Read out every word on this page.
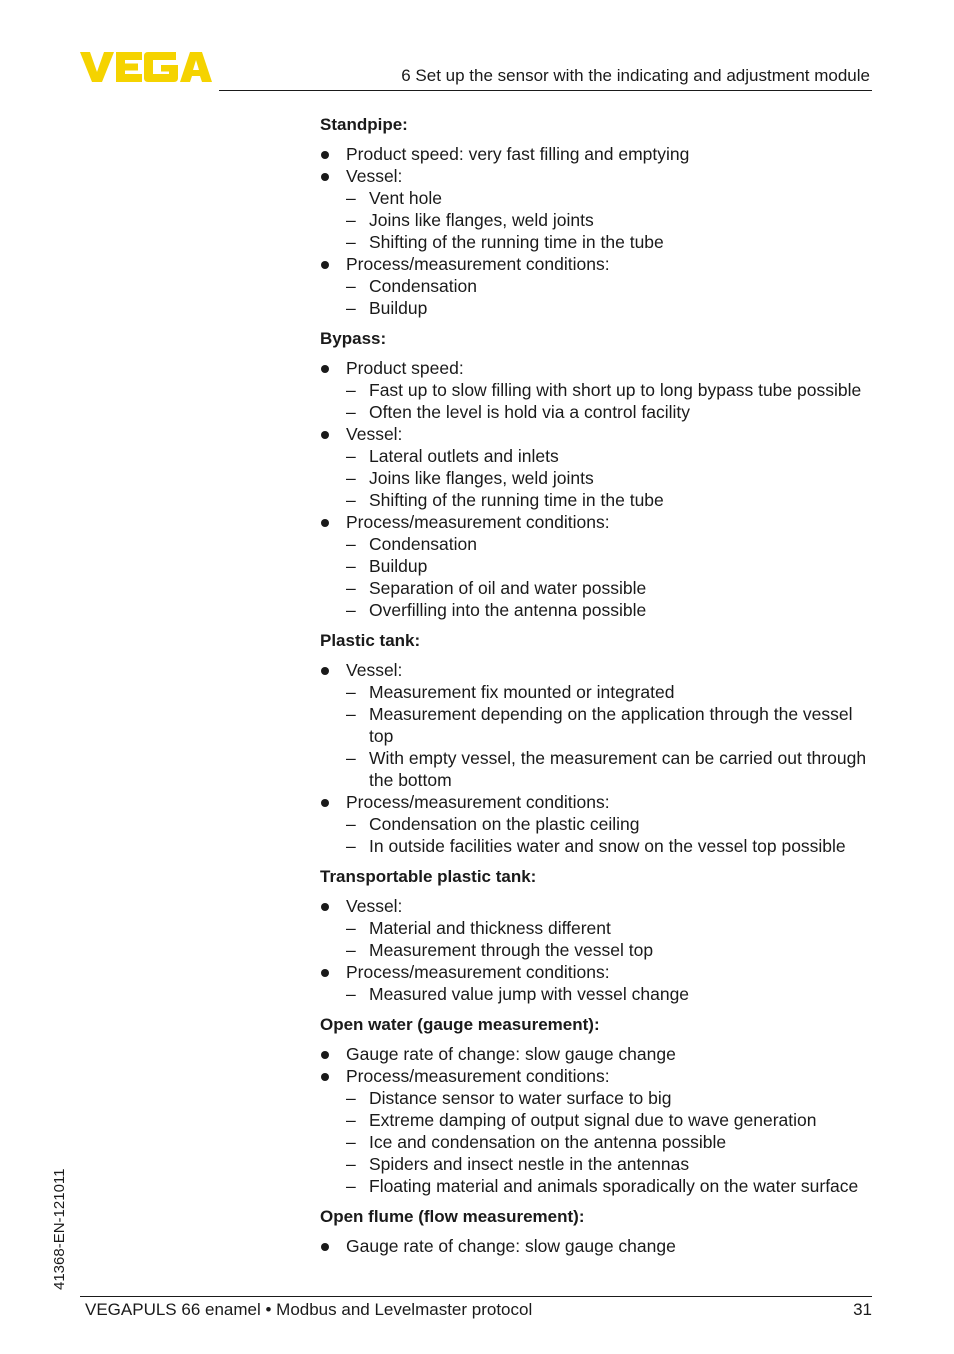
6 Set up the sensor with the indicating and adjustment module
Standpipe:
Product speed: very fast filling and emptying
Vessel:
– Vent hole
– Joins like flanges, weld joints
– Shifting of the running time in the tube
Process/measurement conditions:
– Condensation
– Buildup
Bypass:
Product speed:
– Fast up to slow filling with short up to long bypass tube possible
– Often the level is hold via a control facility
Vessel:
– Lateral outlets and inlets
– Joins like flanges, weld joints
– Shifting of the running time in the tube
Process/measurement conditions:
– Condensation
– Buildup
– Separation of oil and water possible
– Overfilling into the antenna possible
Plastic tank:
Vessel:
– Measurement fix mounted or integrated
– Measurement depending on the application through the vessel top
– With empty vessel, the measurement can be carried out through the bottom
Process/measurement conditions:
– Condensation on the plastic ceiling
– In outside facilities water and snow on the vessel top possible
Transportable plastic tank:
Vessel:
– Material and thickness different
– Measurement through the vessel top
Process/measurement conditions:
– Measured value jump with vessel change
Open water (gauge measurement):
Gauge rate of change: slow gauge change
Process/measurement conditions:
– Distance sensor to water surface to big
– Extreme damping of output signal due to wave generation
– Ice and condensation on the antenna possible
– Spiders and insect nestle in the antennas
– Floating material and animals sporadically on the water surface
Open flume (flow measurement):
Gauge rate of change: slow gauge change
41368-EN-121011
VEGAPULS 66 enamel • Modbus and Levelmaster protocol	31
